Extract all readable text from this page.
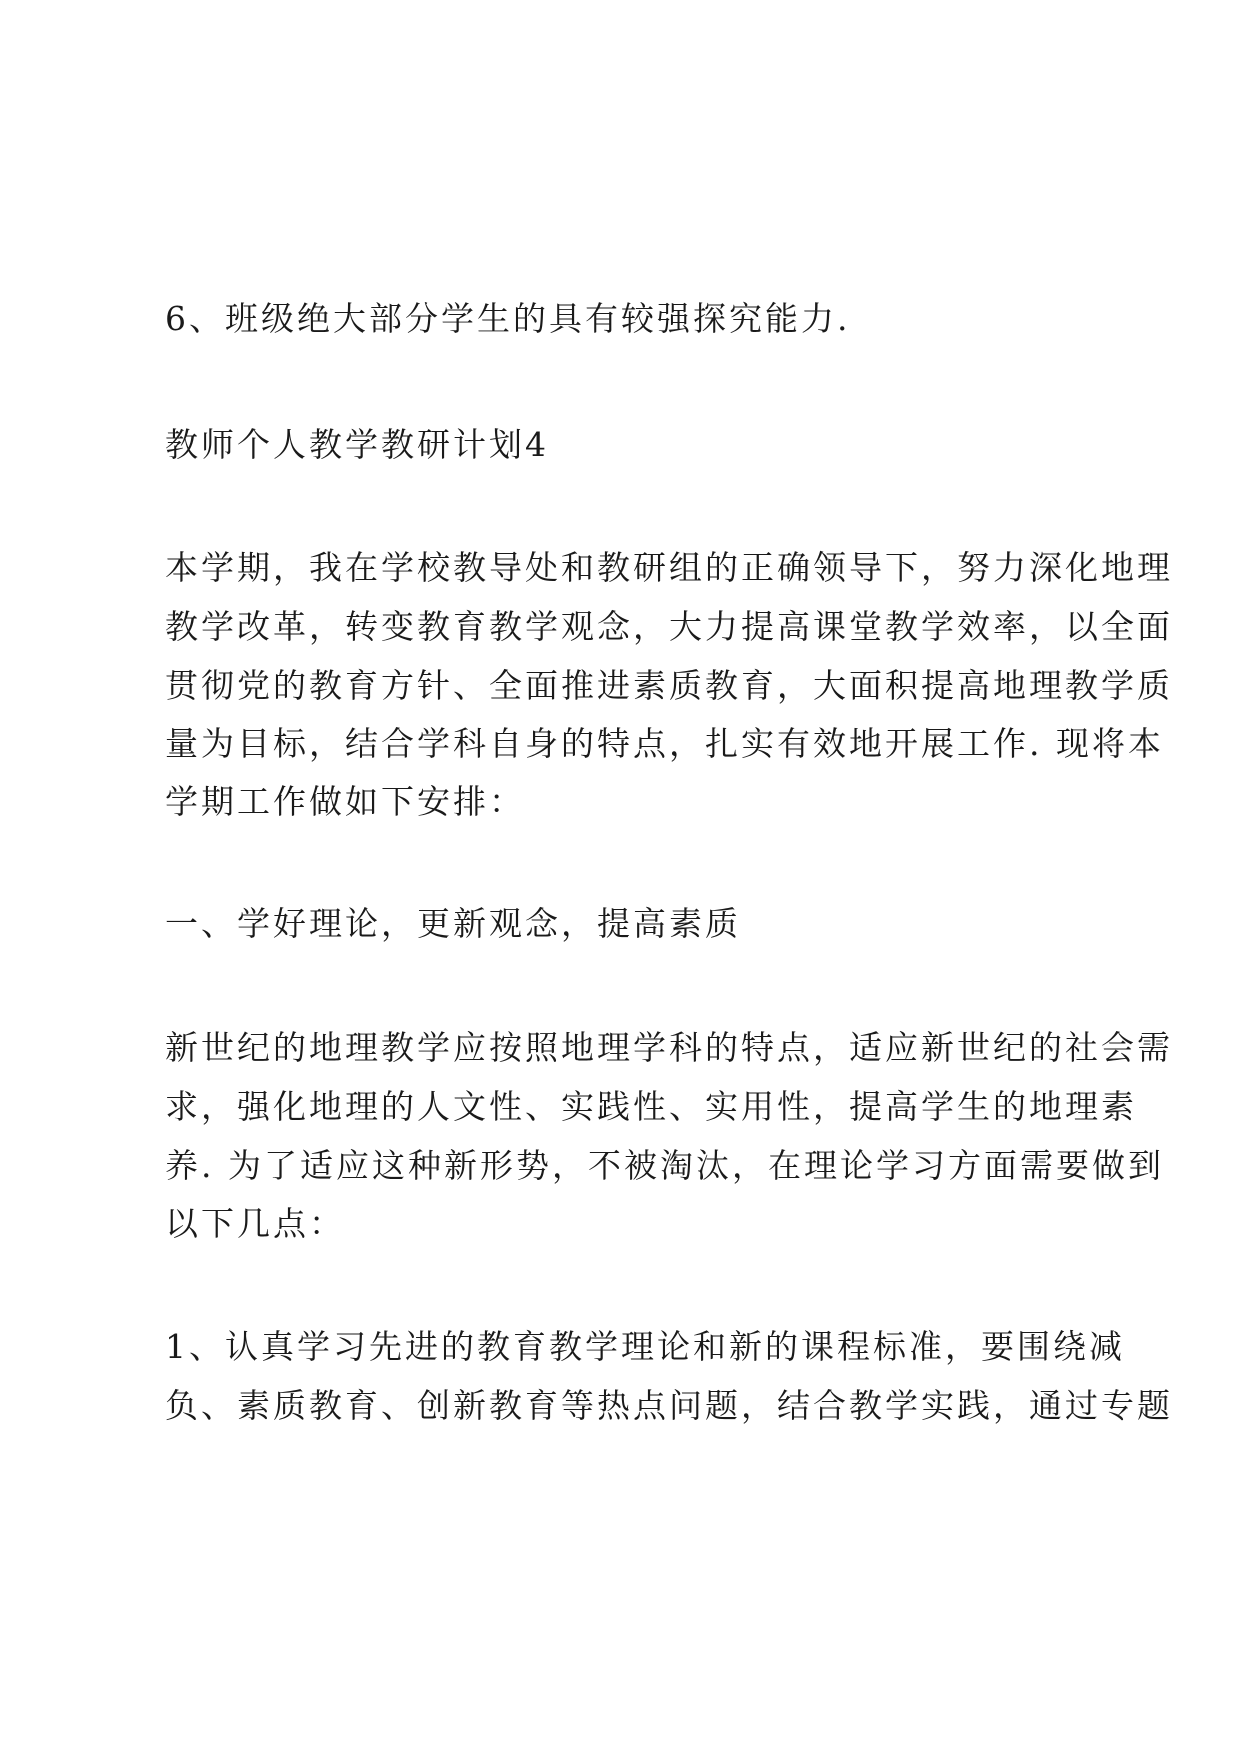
6、班级绝大部分学生的具有较强探究能力.

教师个人教学教研计划4

本学期，我在学校教导处和教研组的正确领导下，努力深化地理

教学改革，转变教育教学观念，大力提高课堂教学效率，以全面

贯彻党的教育方针、全面推进素质教育，大面积提高地理教学质

量为目标，结合学科自身的特点，扎实有效地开展工作. 现将本

学期工作做如下安排：

一、学好理论，更新观念，提高素质

新世纪的地理教学应按照地理学科的特点，适应新世纪的社会需

求，强化地理的人文性、实践性、实用性，提高学生的地理素

养. 为了适应这种新形势，不被淘汰，在理论学习方面需要做到

以下几点：

1、认真学习先进的教育教学理论和新的课程标准，要围绕减

负、素质教育、创新教育等热点问题，结合教学实践，通过专题
